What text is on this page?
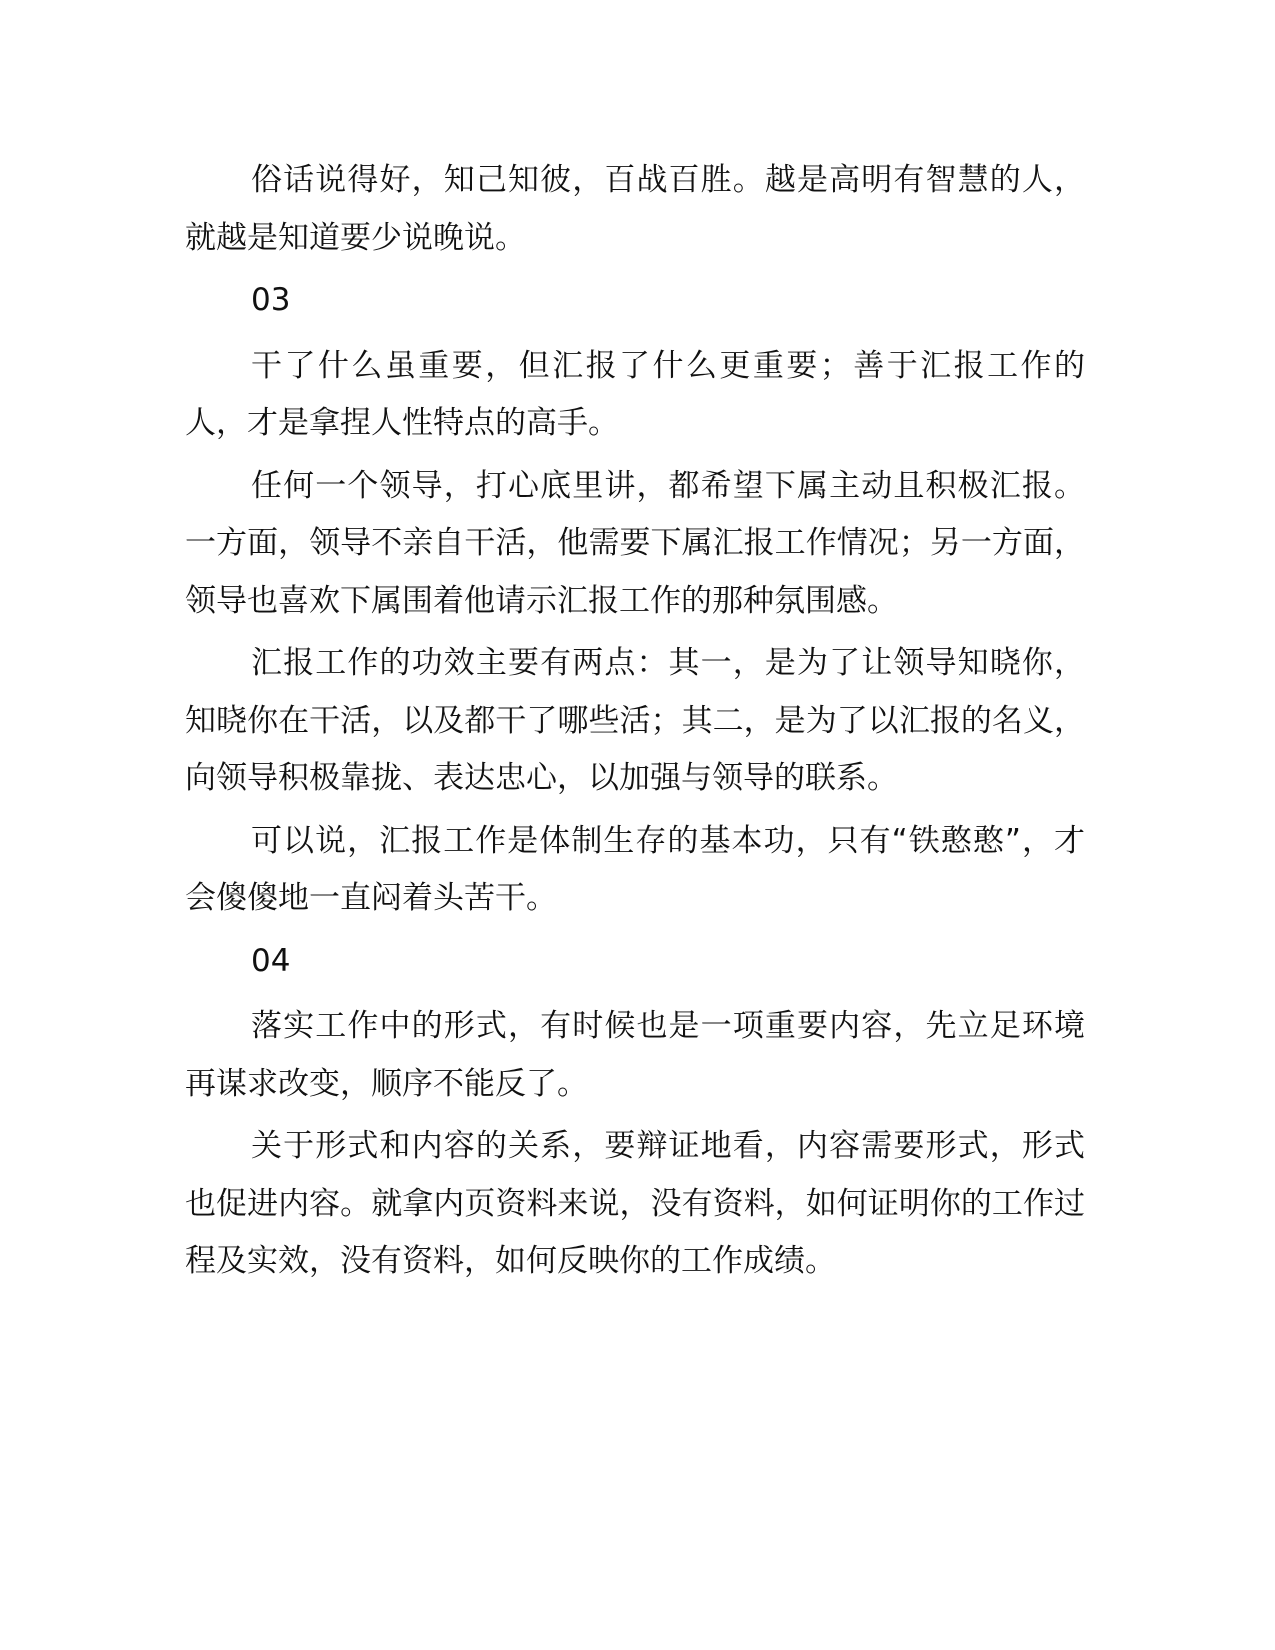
俗话说得好，知己知彼，百战百胜。越是高明有智慧的人，就越是知道要少说晚说。

03

干了什么虽重要，但汇报了什么更重要；善于汇报工作的人，才是拿捏人性特点的高手。

任何一个领导，打心底里讲，都希望下属主动且积极汇报。一方面，领导不亲自干活，他需要下属汇报工作情况；另一方面，领导也喜欢下属围着他请示汇报工作的那种氛围感。

汇报工作的功效主要有两点：其一，是为了让领导知晓你，知晓你在干活，以及都干了哪些活；其二，是为了以汇报的名义，向领导积极靠拢、表达忠心，以加强与领导的联系。

可以说，汇报工作是体制生存的基本功，只有“铁憨憨”，才会傻傻地一直闷着头苦干。

04

落实工作中的形式，有时候也是一项重要内容，先立足环境再谋求改变，顺序不能反了。

关于形式和内容的关系，要辩证地看，内容需要形式，形式也促进内容。就拿内页资料来说，没有资料，如何证明你的工作过程及实效，没有资料，如何反映你的工作成绩。
